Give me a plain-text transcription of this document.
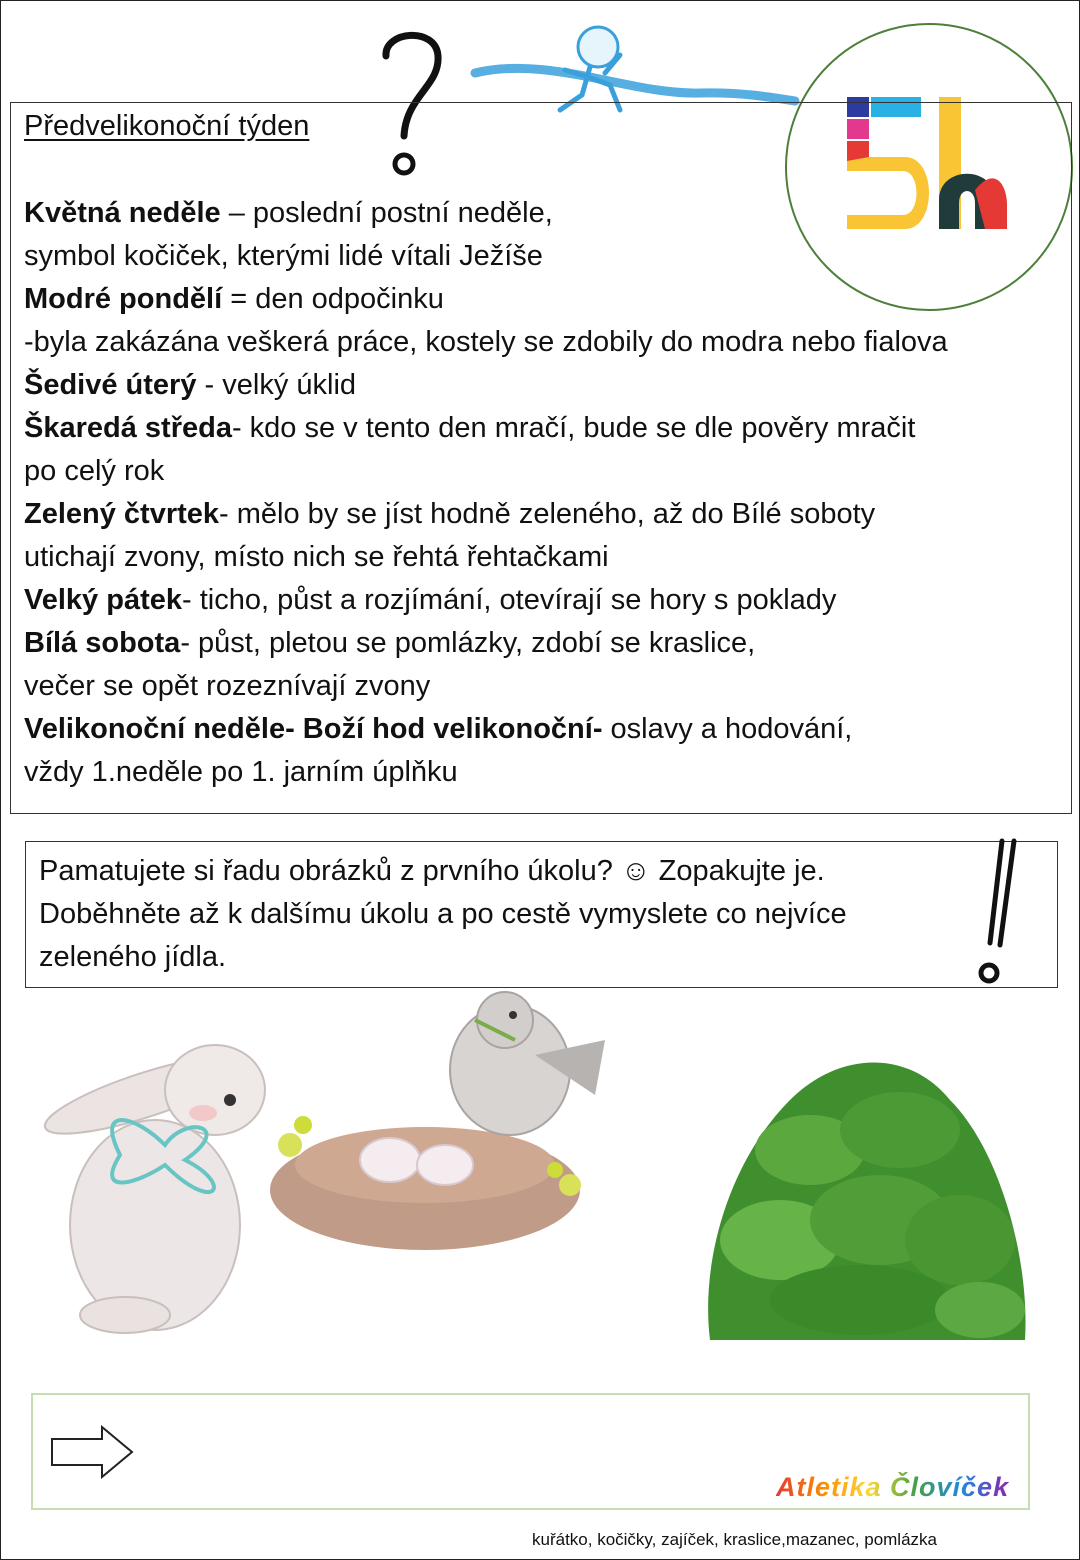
5k
Předvelikonoční týden
Květná neděle – poslední postní neděle,
symbol kočiček, kterými lidé vítali Ježíše
Modré pondělí = den odpočinku
-byla zakázána veškerá práce, kostely se zdobily do modra nebo fialova
Šedivé úterý - velký úklid
Škaredá středa- kdo se v tento den mračí, bude se dle pověry mračit
po celý rok
Zelený čtvrtek- mělo by se jíst hodně zeleného, až do Bílé soboty
utichají zvony, místo nich se řehtá řehtačkami
Velký pátek- ticho, půst a rozjímání, otevírají se hory s poklady
Bílá sobota- půst, pletou se pomlázky, zdobí se kraslice,
večer se opět rozeznívají zvony
Velikonoční neděle- Boží hod velikonoční- oslavy a hodování,
vždy 1.neděle po 1. jarním úplňku
Pamatujete si řadu obrázků z prvního úkolu? ☺ Zopakujte je.
Doběhněte až k dalšímu úkolu a po cestě vymyslete co nejvíce
zeleného jídla.
Atletika Človíček
kuřátko, kočičky, zajíček, kraslice,mazanec, pomlázka
